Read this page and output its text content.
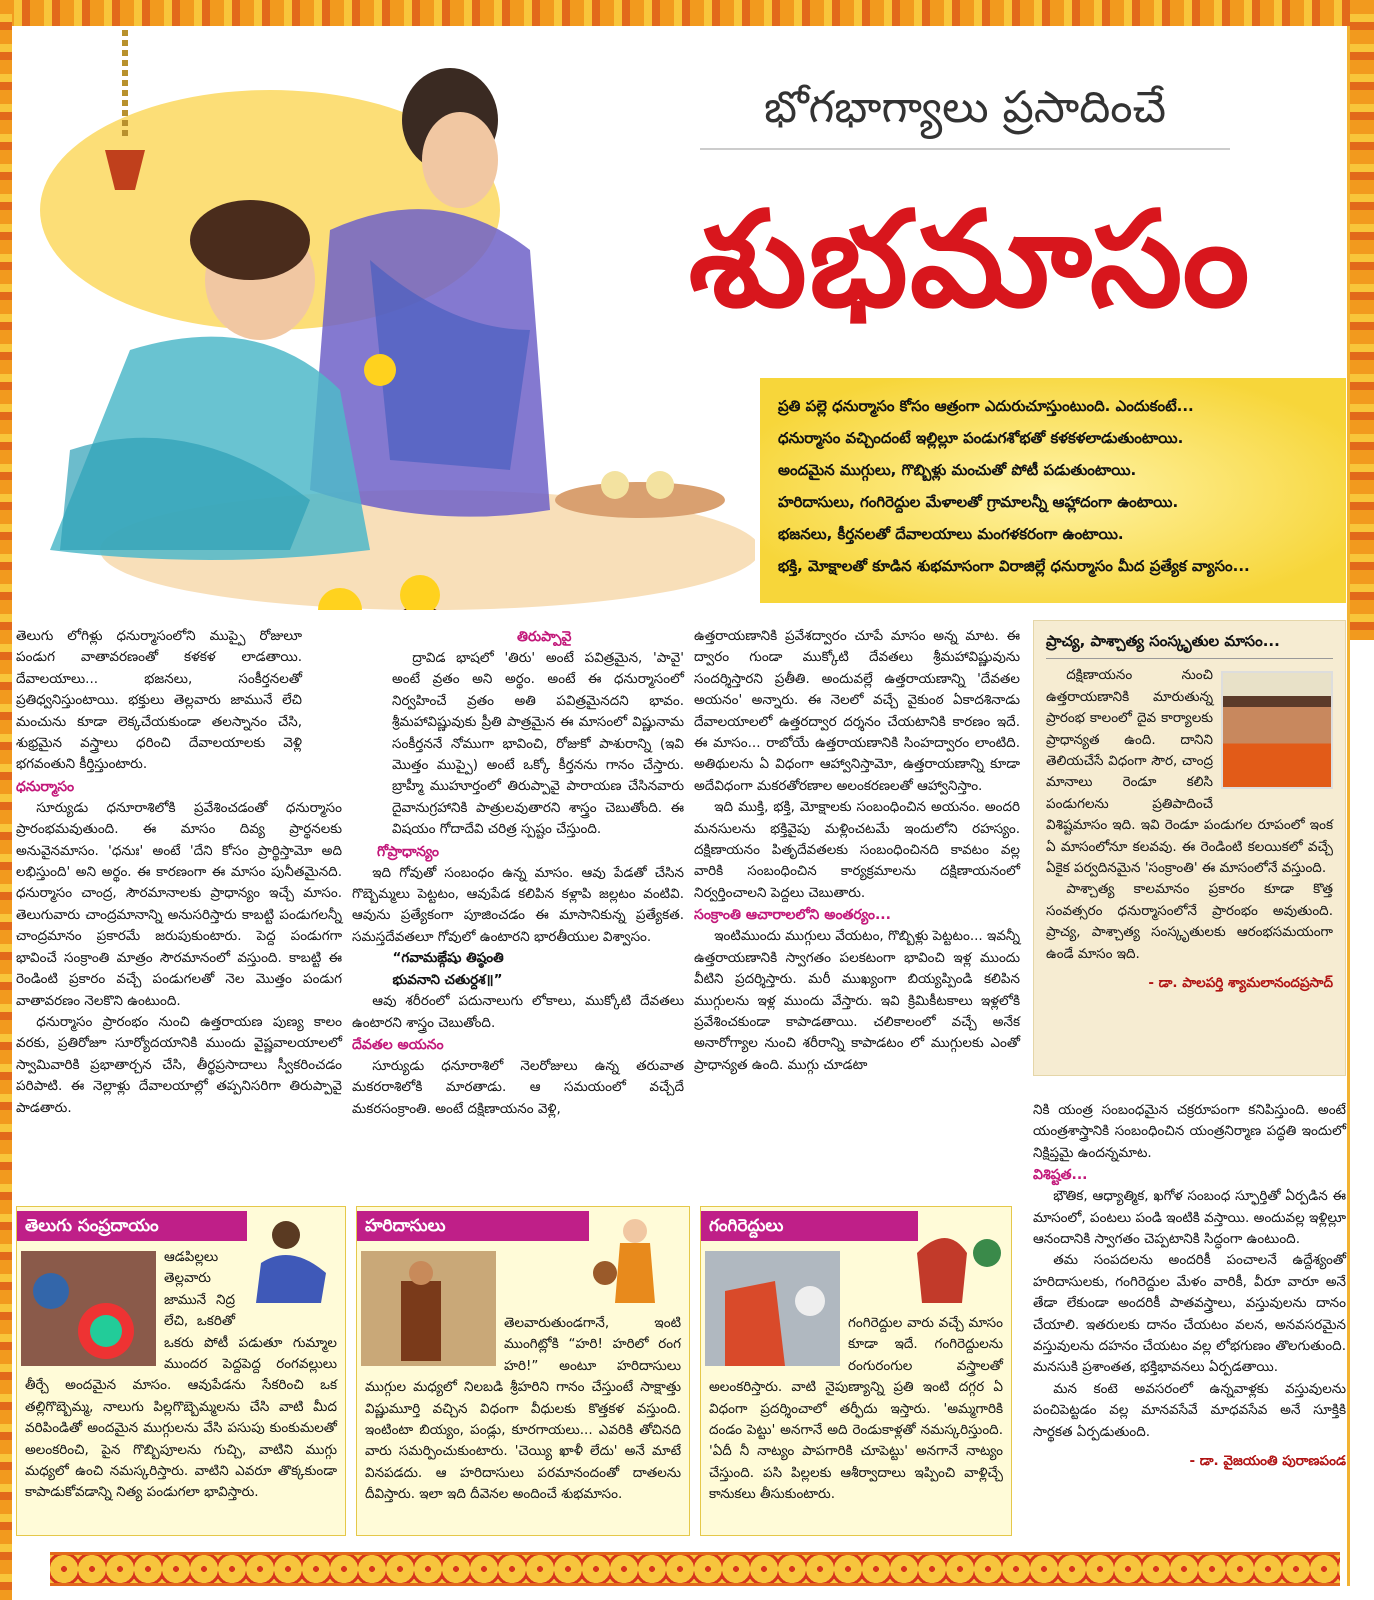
భోగభాగ్యాలు ప్రసాదించే
శుభమాసం

ప్రతి పల్లె ధనుర్మాసం కోసం ఆత్రంగా ఎదురుచూస్తుంటుంది. ఎందుకంటే...

ధనుర్మాసం వచ్చిందంటే ఇల్లిల్లూ పండుగశోభతో కళకళలాడుతుంటాయి.

అందమైన ముగ్గులు, గొబ్బిళ్లు మంచుతో పోటీ పడుతుంటాయి.

హరిదాసులు, గంగిరెద్దుల మేళాలతో గ్రామాలన్నీ ఆహ్లాదంగా ఉంటాయి.

భజనలు, కీర్తనలతో దేవాలయాలు మంగళకరంగా ఉంటాయి.

భక్తి, మోక్షాలతో కూడిన శుభమాసంగా విరాజిల్లే ధనుర్మాసం మీద ప్రత్యేక వ్యాసం...

తెలుగు లోగిళ్లు ధనుర్మాసంలోని ముప్పై రోజులూ పండుగ వాతావరణంతో కళకళ లాడతాయి. దేవాలయాలు... భజనలు, సంకీర్తనలతో ప్రతిధ్వనిస్తుంటాయి. భక్తులు తెల్లవారు జామునే లేచి మంచును కూడా లెక్కచేయకుండా తలస్నానం చేసి, శుభ్రమైన వస్త్రాలు ధరించి దేవాలయాలకు వెళ్లి భగవంతుని కీర్తిస్తుంటారు.

ధనుర్మాసం

సూర్యుడు ధనూరాశిలోకి ప్రవేశించడంతో ధనుర్మాసం ప్రారంభమవుతుంది. ఈ మాసం దివ్య ప్రార్థనలకు అనువైనమాసం. 'ధనుః' అంటే 'దేని కోసం ప్రార్థిస్తామో అది లభిస్తుంది' అని అర్థం. ఈ కారణంగా ఈ మాసం పునీతమైనది. ధనుర్మాసం చాంద్ర, సౌరమానాలకు ప్రాధాన్యం ఇచ్చే మాసం. తెలుగువారు చాంద్రమానాన్ని అనుసరిస్తారు కాబట్టి పండుగలన్నీ చాంద్రమానం ప్రకారమే జరుపుకుంటారు. పెద్ద పండుగగా భావించే సంక్రాంతి మాత్రం సౌరమానంలో వస్తుంది. కాబట్టి ఈ రెండింటి ప్రకారం వచ్చే పండుగలతో నెల మొత్తం పండుగ వాతావరణం నెలకొని ఉంటుంది.

ధనుర్మాసం ప్రారంభం నుంచి ఉత్తరాయణ పుణ్య కాలం వరకు, ప్రతిరోజూ సూర్యోదయానికి ముందు వైష్ణవాలయాలలో స్వామివారికి ప్రభాతార్చన చేసి, తీర్థప్రసాదాలు స్వీకరించడం పరిపాటి. ఈ నెల్లాళ్లు దేవాలయాల్లో తప్పనిసరిగా తిరుప్పావై పాడతారు.

తిరుప్పావై

ద్రావిడ భాషలో 'తిరు' అంటే పవిత్రమైన, 'పావై' అంటే వ్రతం అని అర్థం. అంటే ఈ ధనుర్మాసంలో నిర్వహించే వ్రతం అతి పవిత్రమైనదని భావం. శ్రీమహావిష్ణువుకు ప్రీతి పాత్రమైన ఈ మాసంలో విష్ణునామ సంకీర్తననే నోముగా భావించి, రోజుకో పాశురాన్ని (ఇవి మొత్తం ముప్పై) అంటే ఒక్కో కీర్తనను గానం చేస్తారు. బ్రాహ్మీ ముహూర్తంలో తిరుప్పావై పారాయణ చేసినవారు దైవానుగ్రహానికి పాత్రులవుతారని శాస్త్రం చెబుతోంది. ఈ విషయం గోదాదేవి చరిత్ర స్పష్టం చేస్తుంది.

గోప్రాధాన్యం

ఇది గోవుతో సంబంధం ఉన్న మాసం. ఆవు పేడతో చేసిన గొబ్బెమ్మలు పెట్టటం, ఆవుపేడ కలిపిన కళ్లాపి జల్లటం వంటివి. ఆవును ప్రత్యేకంగా పూజించడం ఈ మాసానికున్న ప్రత్యేకత. సమస్తదేవతలూ గోవులో ఉంటారని భారతీయుల విశ్వాసం.

“గవామఙ్గేషు తిష్ఠంతి

భువనాని చతుర్దశ॥”

ఆవు శరీరంలో పదునాలుగు లోకాలు, ముక్కోటి దేవతలు ఉంటారని శాస్త్రం చెబుతోంది.

దేవతల అయనం

సూర్యుడు ధనూరాశిలో నెలరోజులు ఉన్న తరువాత మకరరాశిలోకి మారతాడు. ఆ సమయంలో వచ్చేదే మకరసంక్రాంతి. అంటే దక్షిణాయనం వెళ్లి,

ఉత్తరాయణానికి ప్రవేశద్వారం చూపే మాసం అన్న మాట. ఈ ద్వారం గుండా ముక్కోటి దేవతలు శ్రీమహావిష్ణువును సందర్శిస్తారని ప్రతీతి. అందువల్లే ఉత్తరాయణాన్ని 'దేవతల అయనం' అన్నారు. ఈ నెలలో వచ్చే వైకుంఠ ఏకాదశినాడు దేవాలయాలలో ఉత్తరద్వార దర్శనం చేయటానికి కారణం ఇదే. ఈ మాసం... రాబోయే ఉత్తరాయణానికి సింహద్వారం లాంటిది. అతిథులను ఏ విధంగా ఆహ్వానిస్తామో, ఉత్తరాయణాన్ని కూడా అదేవిధంగా మకరతోరణాల అలంకరణలతో ఆహ్వానిస్తాం.

ఇది ముక్తి, భక్తి, మోక్షాలకు సంబంధించిన అయనం. అందరి మనసులను భక్తివైపు మళ్లించటమే ఇందులోని రహస్యం. దక్షిణాయనం పితృదేవతలకు సంబంధించినది కావటం వల్ల వారికి సంబంధించిన కార్యక్రమాలను దక్షిణాయనంలో నిర్వర్తించాలని పెద్దలు చెబుతారు.

సంక్రాంతి ఆచారాలలోని అంతర్యం...

ఇంటిముందు ముగ్గులు వేయటం, గొబ్బిళ్లు పెట్టటం... ఇవన్నీ ఉత్తరాయణానికి స్వాగతం పలకటంగా భావించి ఇళ్ల ముందు వీటిని ప్రదర్శిస్తారు. మరీ ముఖ్యంగా బియ్యప్పిండి కలిపిన ముగ్గులను ఇళ్ల ముందు వేస్తారు. ఇవి క్రిమికీటకాలు ఇళ్లలోకి ప్రవేశించకుండా కాపాడతాయి. చలికాలంలో వచ్చే అనేక అనారోగ్యాల నుంచి శరీరాన్ని కాపాడటం లో ముగ్గులకు ఎంతో ప్రాధాన్యత ఉంది. ముగ్గు చూడటా

ప్రాచ్య, పాశ్చాత్య సంస్కృతుల మాసం...

దక్షిణాయనం నుంచి ఉత్తరాయణానికి మారుతున్న ప్రారంభ కాలంలో దైవ కార్యాలకు ప్రాధాన్యత ఉంది. దానిని తెలియచేసే విధంగా సౌర, చాంద్ర మానాలు రెండూ కలిసి పండుగలను ప్రతిపాదించే విశిష్టమాసం ఇది. ఇవి రెండూ పండుగల రూపంలో ఇంక ఏ మాసంలోనూ కలవవు. ఈ రెండింటి కలయికలో వచ్చే ఏకైక పర్వదినమైన 'సంక్రాంతి' ఈ మాసంలోనే వస్తుంది.

పాశ్చాత్య కాలమానం ప్రకారం కూడా కొత్త సంవత్సరం ధనుర్మాసంలోనే ప్రారంభం అవుతుంది. ప్రాచ్య, పాశ్చాత్య సంస్కృతులకు ఆరంభసమయంగా ఉండే మాసం ఇది.

- డా. పాలపర్తి శ్యామలానందప్రసాద్

నికి యంత్ర సంబంధమైన చక్రరూపంగా కనిపిస్తుంది. అంటే యంత్రశాస్త్రానికి సంబంధించిన యంత్రనిర్మాణ పద్ధతి ఇందులో నిక్షిప్తమై ఉందన్నమాట.

విశిష్టత...

భౌతిక, ఆధ్యాత్మిక, ఖగోళ సంబంధ స్ఫూర్తితో ఏర్పడిన ఈ మాసంలో, పంటలు పండి ఇంటికి వస్తాయి. అందువల్ల ఇళ్లిల్లూ ఆనందానికి స్వాగతం చెప్పటానికి సిద్ధంగా ఉంటుంది.

తమ సంపదలను అందరికీ పంచాలనే ఉద్దేశ్యంతో హరిదాసులకు, గంగిరెద్దుల మేళం వారికీ, వీరూ వారూ అనే తేడా లేకుండా అందరికీ పాతవస్త్రాలు, వస్తువులను దానం చేయాలి. ఇతరులకు దానం చేయటం వలన, అనవసరమైన వస్తువులను దహనం చేయటం వల్ల లోభగుణం తొలగుతుంది. మనసుకి ప్రశాంతత, భక్తిభావనలు ఏర్పడతాయి.

మన కంటె అవసరంలో ఉన్నవాళ్లకు వస్తువులను పంచిపెట్టడం వల్ల మానవసేవే మాధవసేవ అనే సూక్తికి సార్థకత ఏర్పడుతుంది.

- డా. వైజయంతి పురాణపండ
తెలుగు సంప్రదాయం
ఆడపిల్లలు తెల్లవారు జామునే నిద్ర లేచి, ఒకరితో ఒకరు పోటీ పడుతూ గుమ్మాల ముందర పెద్దపెద్ద రంగవల్లులు తీర్చే అందమైన మాసం. ఆవుపేడను సేకరించి ఒక తల్లిగొబ్బెమ్మ, నాలుగు పిల్లగొబ్బెమ్మలను చేసి వాటి మీద వరిపిండితో అందమైన ముగ్గులను వేసి పసుపు కుంకుమలతో అలంకరించి, పైన గొబ్బిపూలను గుచ్చి, వాటిని ముగ్గు మధ్యలో ఉంచి నమస్కరిస్తారు. వాటిని ఎవరూ తొక్కకుండా కాపాడుకోవడాన్ని నిత్య పండుగలా భావిస్తారు.
హరిదాసులు
తెలవారుతుండగానే, ఇంటి ముంగిట్లోకి “హరి! హరిలో రంగ హరి!” అంటూ హరిదాసులు ముగ్గుల మధ్యలో నిలబడి శ్రీహరిని గానం చేస్తుంటే సాక్షాత్తు విష్ణుమూర్తి వచ్చిన విధంగా వీధులకు కొత్తకళ వస్తుంది. ఇంటింటా బియ్యం, పండ్లు, కూరగాయలు... ఎవరికి తోచినది వారు సమర్పించుకుంటారు. 'చెయ్యి ఖాళీ లేదు' అనే మాటే వినపడదు. ఆ హరిదాసులు పరమానందంతో దాతలను దీవిస్తారు. ఇలా ఇది దీవెనల అందించే శుభమాసం.
గంగిరెద్దులు
గంగిరెద్దుల వారు వచ్చే మాసం కూడా ఇదే. గంగిరెద్దులను రంగురంగుల వస్త్రాలతో అలంకరిస్తారు. వాటి నైపుణ్యాన్ని ప్రతి ఇంటి దగ్గర ఏ విధంగా ప్రదర్శించాలో తర్ఫీదు ఇస్తారు. 'అమ్మగారికి దండం పెట్టు' అనగానే అది రెండుకాళ్లతో నమస్కరిస్తుంది. 'ఏదీ నీ నాట్యం పాపగారికి చూపెట్టు' అనగానే నాట్యం చేస్తుంది. పసి పిల్లలకు ఆశీర్వాదాలు ఇప్పించి వాళ్లిచ్చే కానుకలు తీసుకుంటారు.
